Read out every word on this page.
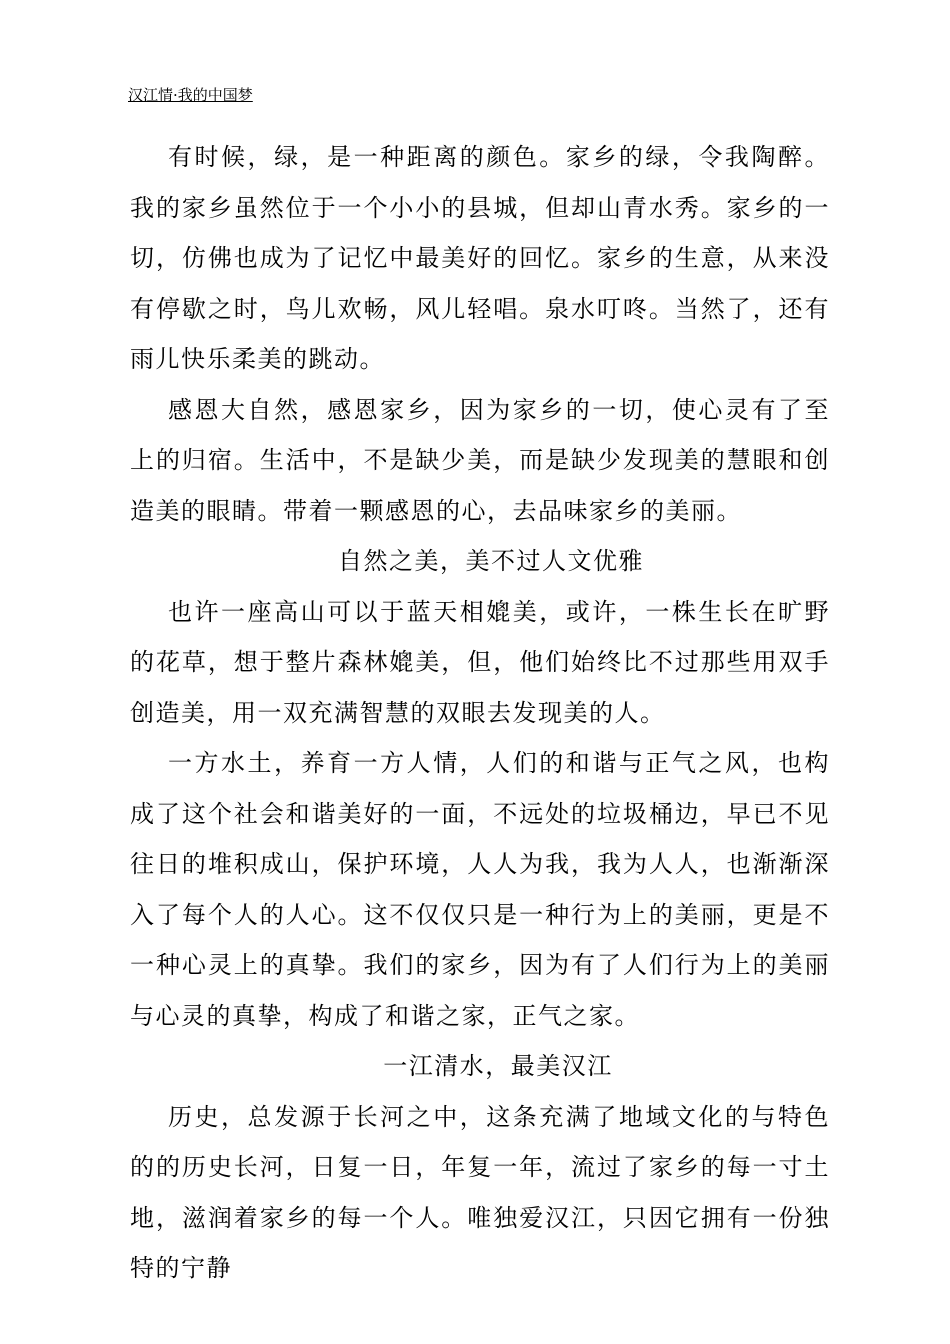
汉江情·我的中国梦

有时候，绿，是一种距离的颜色。家乡的绿，令我陶醉。我的家乡虽然位于一个小小的县城，但却山青水秀。家乡的一切，仿佛也成为了记忆中最美好的回忆。家乡的生意，从来没有停歇之时，鸟儿欢畅，风儿轻唱。泉水叮咚。当然了，还有雨儿快乐柔美的跳动。

感恩大自然，感恩家乡，因为家乡的一切，使心灵有了至上的归宿。生活中，不是缺少美，而是缺少发现美的慧眼和创造美的眼睛。带着一颗感恩的心，去品味家乡的美丽。

自然之美，美不过人文优雅

也许一座高山可以于蓝天相媲美，或许，一株生长在旷野的花草，想于整片森林媲美，但，他们始终比不过那些用双手创造美，用一双充满智慧的双眼去发现美的人。

一方水土，养育一方人情，人们的和谐与正气之风，也构成了这个社会和谐美好的一面，不远处的垃圾桶边，早已不见往日的堆积成山，保护环境，人人为我，我为人人，也渐渐深入了每个人的人心。这不仅仅只是一种行为上的美丽，更是不一种心灵上的真挚。我们的家乡，因为有了人们行为上的美丽与心灵的真挚，构成了和谐之家，正气之家。

一江清水，最美汉江

历史，总发源于长河之中，这条充满了地域文化的与特色的的历史长河，日复一日，年复一年，流过了家乡的每一寸土地，滋润着家乡的每一个人。唯独爱汉江，只因它拥有一份独特的宁静
